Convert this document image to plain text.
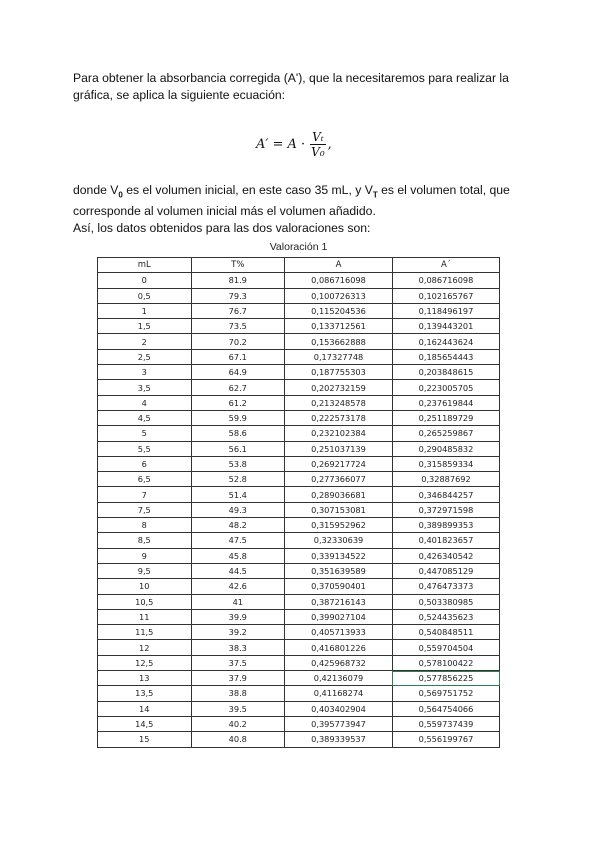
Para obtener la absorbancia corregida (A'), que la necesitaremos para realizar la gráfica, se aplica la siguiente ecuación:

$A' = A \cdot \frac{\text{Vₜ}}{\text{V₀}}$ ,

donde $V_0$ es el volumen inicial, en este caso 35 mL, y $V_T$ es el volumen total, que corresponde al volumen inicial más el volumen añadido.
Así, los datos obtenidos para las dos valoraciones son:

Valoración 1
mL	T%	A	A´
0	81.9	0,086716098	0,086716098
0,5	79.3	0,100726313	0,102165767
1	76.7	0,115204536	0,118496197
1,5	73.5	0,133712561	0,139443201
2	70.2	0,153662888	0,162443624
2,5	67.1	0,17327748	0,185654443
3	64.9	0,187755303	0,203848615
3,5	62.7	0,202732159	0,223005705
4	61.2	0,213248578	0,237619844
4,5	59.9	0,222573178	0,251189729
5	58.6	0,232102384	0,265259867
5,5	56.1	0,251037139	0,290485832
6	53.8	0,269217724	0,315859334
6,5	52.8	0,277366077	0,32887692
7	51.4	0,289036681	0,346844257
7,5	49.3	0,307153081	0,372971598
8	48.2	0,315952962	0,389899353
8,5	47.5	0,32330639	0,401823657
9	45.8	0,339134522	0,426340542
9,5	44.5	0,351639589	0,447085129
10	42.6	0,370590401	0,476473373
10,5	41	0,387216143	0,503380985
11	39.9	0,399027104	0,524435623
11,5	39.2	0,405713933	0,540848511
12	38.3	0,416801226	0,559704504
12,5	37.5	0,425968732	0,578100422
13	37.9	0,42136079	0,577856225
13,5	38.8	0,41168274	0,569751752
14	39.5	0,403402904	0,564754066
14,5	40.2	0,395773947	0,559737439
15	40.8	0,389339537	0,556199767
